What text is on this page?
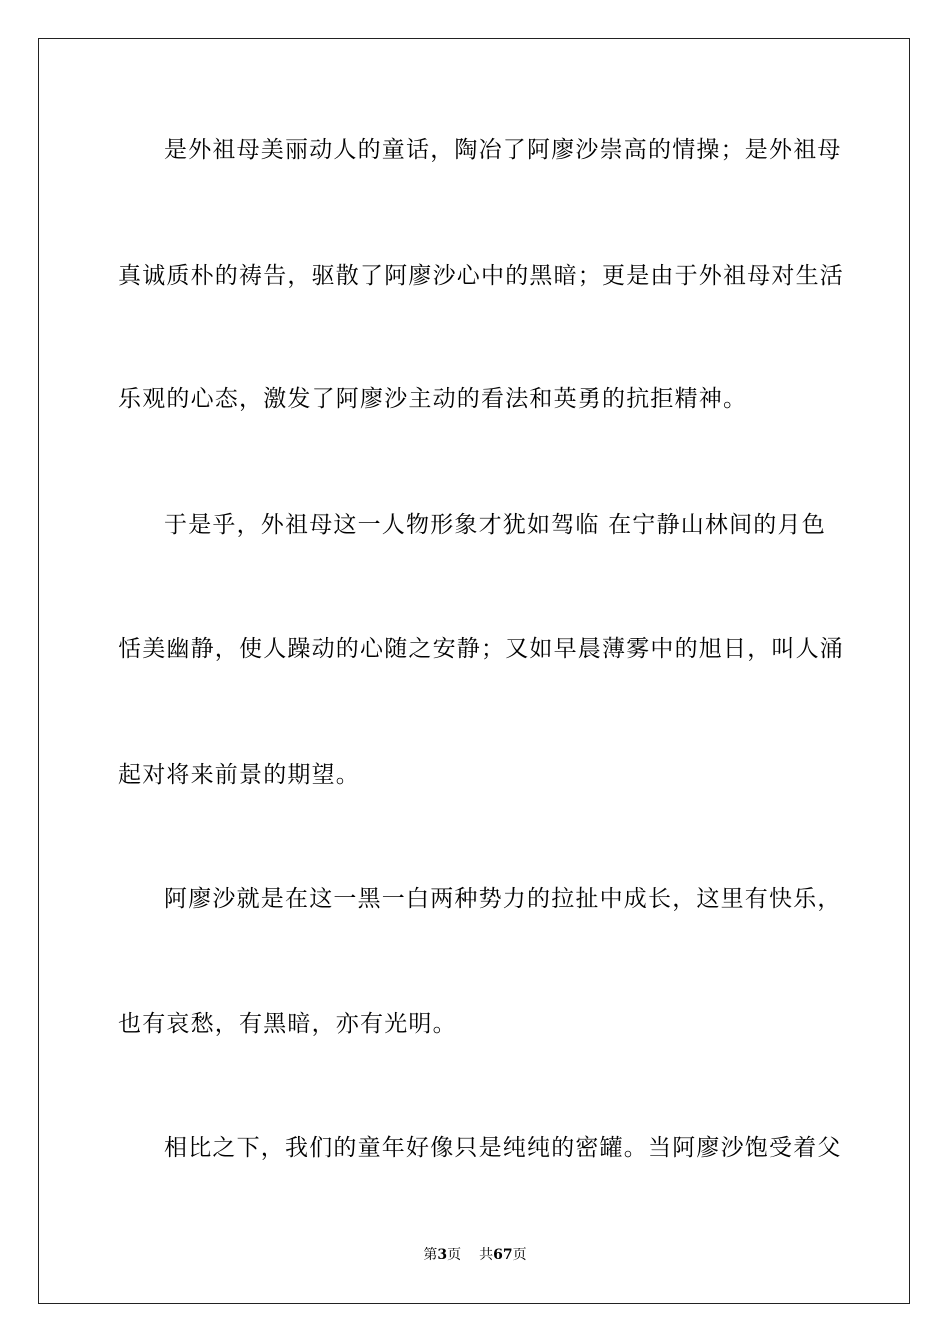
是外祖母美丽动人的童话，陶冶了阿廖沙崇高的情操；是外祖母
真诚质朴的祷告，驱散了阿廖沙心中的黑暗；更是由于外祖母对生活
乐观的心态，激发了阿廖沙主动的看法和英勇的抗拒精神。
于是乎，外祖母这一人物形象才犹如驾临 在宁静山林间的月色
恬美幽静，使人躁动的心随之安静；又如早晨薄雾中的旭日，叫人涌
起对将来前景的期望。
阿廖沙就是在这一黑一白两种势力的拉扯中成长，这里有快乐，
也有哀愁，有黑暗，亦有光明。
相比之下，我们的童年好像只是纯纯的密罐。当阿廖沙饱受着父
第3页 共67页
